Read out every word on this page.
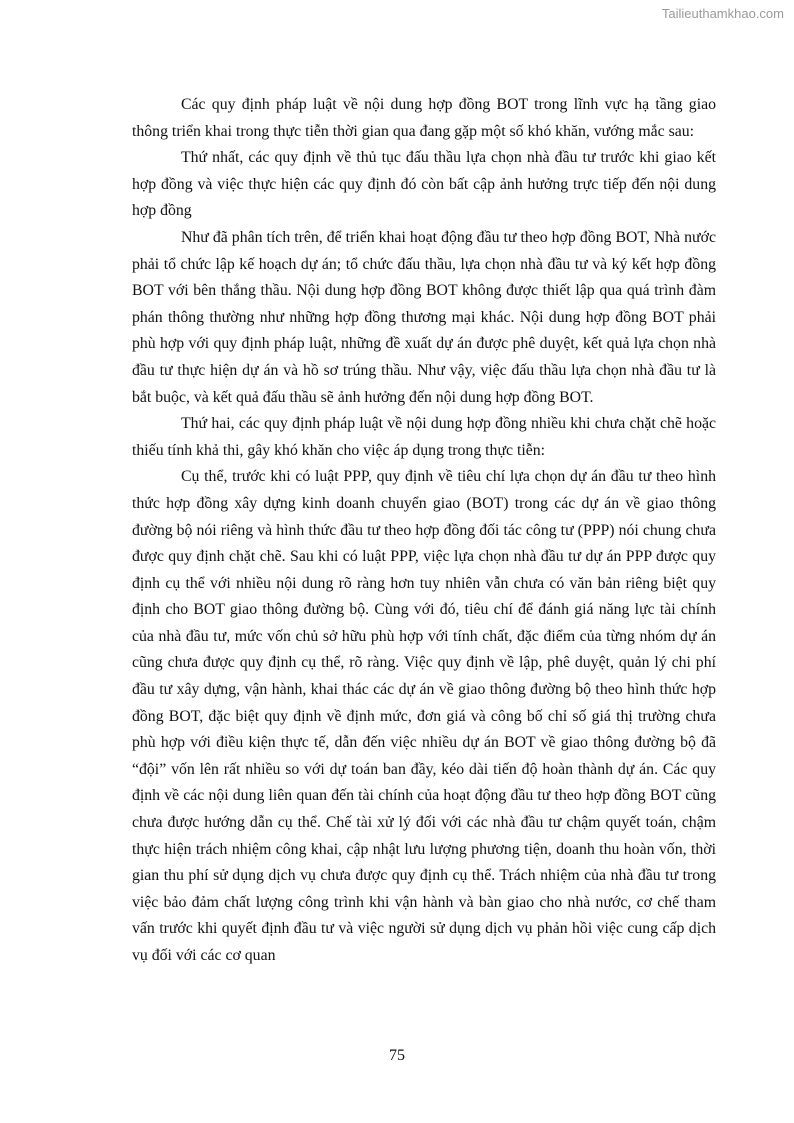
Tailieuthamkhao.com

Các quy định pháp luật về nội dung hợp đồng BOT trong lĩnh vực hạ tầng giao thông triển khai trong thực tiễn thời gian qua đang gặp một số khó khăn, vướng mắc sau:

Thứ nhất, các quy định về thủ tục đấu thầu lựa chọn nhà đầu tư trước khi giao kết hợp đồng và việc thực hiện các quy định đó còn bất cập ảnh hưởng trực tiếp đến nội dung hợp đồng

Như đã phân tích trên, để triển khai hoạt động đầu tư theo hợp đồng BOT, Nhà nước phải tổ chức lập kế hoạch dự án; tổ chức đấu thầu, lựa chọn nhà đầu tư và ký kết hợp đồng BOT với bên thắng thầu. Nội dung hợp đồng BOT không được thiết lập qua quá trình đàm phán thông thường như những hợp đồng thương mại khác. Nội dung hợp đồng BOT phải phù hợp với quy định pháp luật, những đề xuất dự án được phê duyệt, kết quả lựa chọn nhà đầu tư thực hiện dự án và hồ sơ trúng thầu. Như vậy, việc đấu thầu lựa chọn nhà đầu tư là bắt buộc, và kết quả đấu thầu sẽ ảnh hưởng đến nội dung hợp đồng BOT.

Thứ hai, các quy định pháp luật về nội dung hợp đồng nhiều khi chưa chặt chẽ hoặc thiếu tính khả thi, gây khó khăn cho việc áp dụng trong thực tiễn:

Cụ thể, trước khi có luật PPP, quy định về tiêu chí lựa chọn dự án đầu tư theo hình thức hợp đồng xây dựng kinh doanh chuyển giao (BOT) trong các dự án về giao thông đường bộ nói riêng và hình thức đầu tư theo hợp đồng đối tác công tư (PPP) nói chung chưa được quy định chặt chẽ. Sau khi có luật PPP, việc lựa chọn nhà đầu tư dự án PPP được quy định cụ thể với nhiều nội dung rõ ràng hơn tuy nhiên vẫn chưa có văn bản riêng biệt quy định cho BOT giao thông đường bộ. Cùng với đó, tiêu chí để đánh giá năng lực tài chính của nhà đầu tư, mức vốn chủ sở hữu phù hợp với tính chất, đặc điểm của từng nhóm dự án cũng chưa được quy định cụ thể, rõ ràng. Việc quy định về lập, phê duyệt, quản lý chi phí đầu tư xây dựng, vận hành, khai thác các dự án về giao thông đường bộ theo hình thức hợp đồng BOT, đặc biệt quy định về định mức, đơn giá và công bố chỉ số giá thị trường chưa phù hợp với điều kiện thực tế, dẫn đến việc nhiều dự án BOT về giao thông đường bộ đã “đội” vốn lên rất nhiều so với dự toán ban đầy, kéo dài tiến độ hoàn thành dự án. Các quy định về các nội dung liên quan đến tài chính của hoạt động đầu tư theo hợp đồng BOT cũng chưa được hướng dẫn cụ thể. Chế tài xử lý đối với các nhà đầu tư chậm quyết toán, chậm thực hiện trách nhiệm công khai, cập nhật lưu lượng phương tiện, doanh thu hoàn vốn, thời gian thu phí sử dụng dịch vụ chưa được quy định cụ thể. Trách nhiệm của nhà đầu tư trong việc bảo đảm chất lượng công trình khi vận hành và bàn giao cho nhà nước, cơ chế tham vấn trước khi quyết định đầu tư và việc người sử dụng dịch vụ phản hồi việc cung cấp dịch vụ đối với các cơ quan

75
